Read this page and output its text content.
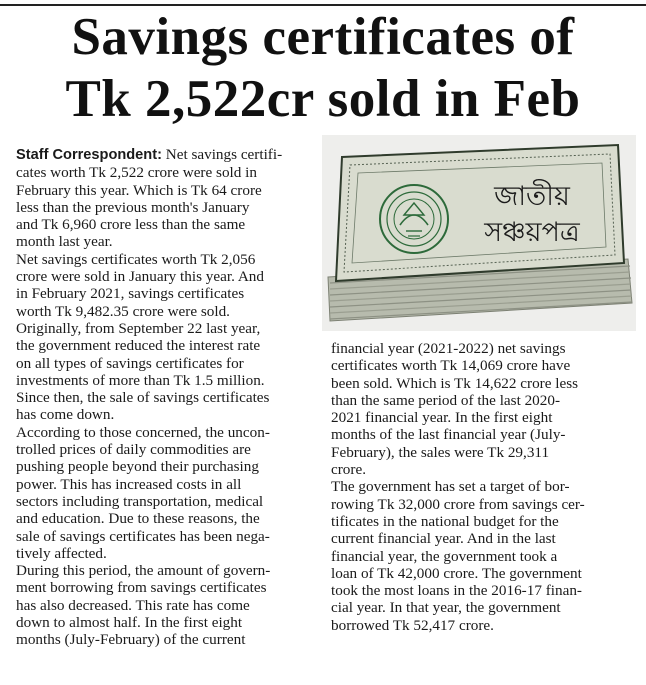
Savings certificates of
Tk 2,522cr sold in Feb

Staff Correspondent: Net savings certifi-

cates worth Tk 2,522 crore were sold in

February this year. Which is Tk 64 crore

less than the previous month's January

and Tk 6,960 crore less than the same

month last year.

Net savings certificates worth Tk 2,056

crore were sold in January this year. And

in February 2021, savings certificates

worth Tk 9,482.35 crore were sold.

Originally, from September 22 last year,

the government reduced the interest rate

on all types of savings certificates for

investments of more than Tk 1.5 million.

Since then, the sale of savings certificates

has come down.

According to those concerned, the uncon-

trolled prices of daily commodities are

pushing people beyond their purchasing

power. This has increased costs in all

sectors including transportation, medical

and education. Due to these reasons, the

sale of savings certificates has been nega-

tively affected.

During this period, the amount of govern-

ment borrowing from savings certificates

has also decreased. This rate has come

down to almost half. In the first eight

months (July-February) of the current

জাতীয়
সঞ্চয়পত্র

financial year (2021-2022) net savings

certificates worth Tk 14,069 crore have

been sold. Which is Tk 14,622 crore less

than the same period of the last 2020-

2021 financial year. In the first eight

months of the last financial year (July-

February), the sales were Tk 29,311

crore.

The government has set a target of bor-

rowing Tk 32,000 crore from savings cer-

tificates in the national budget for the

current financial year. And in the last

financial year, the government took a

loan of Tk 42,000 crore. The government

took the most loans in the 2016-17 finan-

cial year. In that year, the government

borrowed Tk 52,417 crore.
